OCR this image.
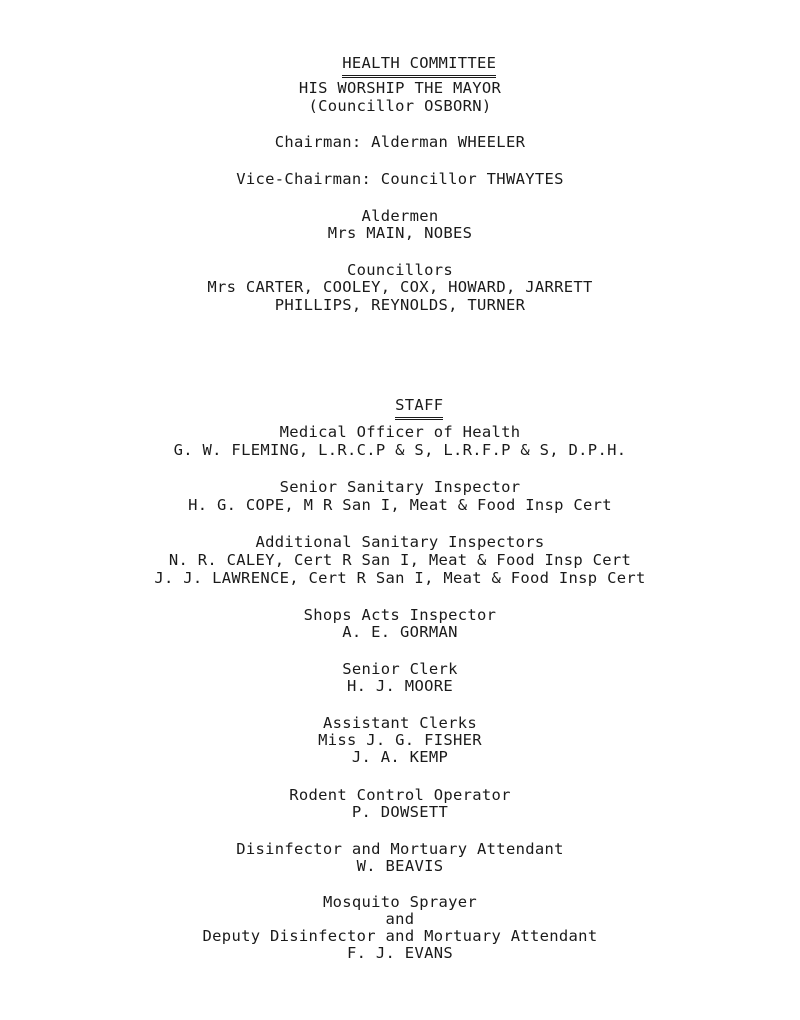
HEALTH COMMITTEE

HIS WORSHIP THE MAYOR
(Councillor OSBORN)
Chairman: Alderman WHEELER
Vice-Chairman: Councillor THWAYTES
Aldermen
Mrs MAIN, NOBES
Councillors
Mrs CARTER, COOLEY, COX, HOWARD, JARRETT
PHILLIPS, REYNOLDS, TURNER

STAFF

Medical Officer of Health
G. W. FLEMING, L.R.C.P & S, L.R.F.P & S, D.P.H.
Senior Sanitary Inspector
H. G. COPE, M R San I, Meat & Food Insp Cert
Additional Sanitary Inspectors
N. R. CALEY, Cert R San I, Meat & Food Insp Cert
J. J. LAWRENCE, Cert R San I, Meat & Food Insp Cert
Shops Acts Inspector
A. E. GORMAN
Senior Clerk
H. J. MOORE
Assistant Clerks
Miss J. G. FISHER
J. A. KEMP
Rodent Control Operator
P. DOWSETT
Disinfector and Mortuary Attendant
W. BEAVIS
Mosquito Sprayer
and
Deputy Disinfector and Mortuary Attendant
F. J. EVANS
